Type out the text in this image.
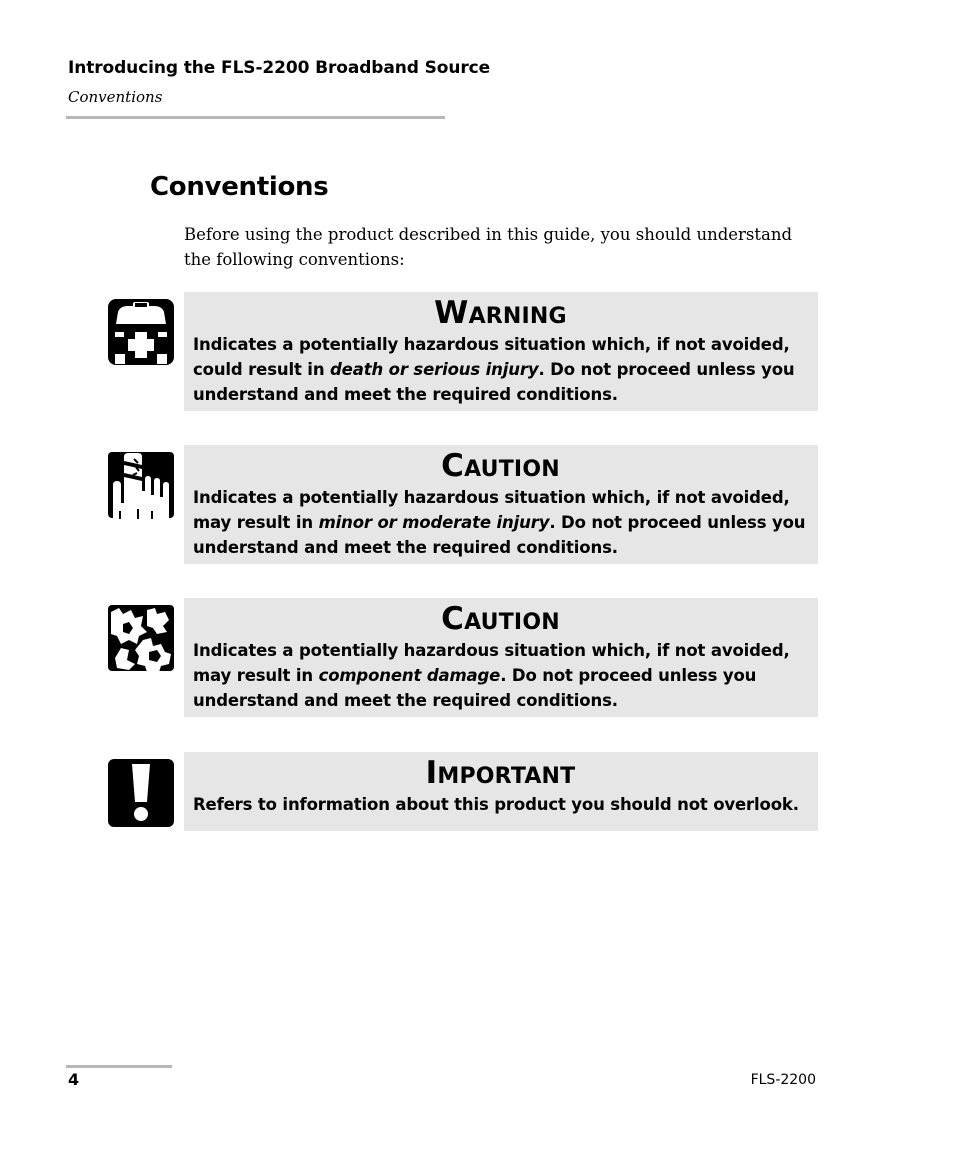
Introducing the FLS-2200 Broadband Source
Conventions
Conventions

Before using the product described in this guide, you should understand the following conventions:

Warning
Indicates a potentially hazardous situation which, if not avoided, could result in death or serious injury. Do not proceed unless you understand and meet the required conditions.
Caution
Indicates a potentially hazardous situation which, if not avoided, may result in minor or moderate injury. Do not proceed unless you understand and meet the required conditions.
Caution
Indicates a potentially hazardous situation which, if not avoided, may result in component damage. Do not proceed unless you understand and meet the required conditions.
Important
Refers to information about this product you should not overlook.
4	FLS-2200
